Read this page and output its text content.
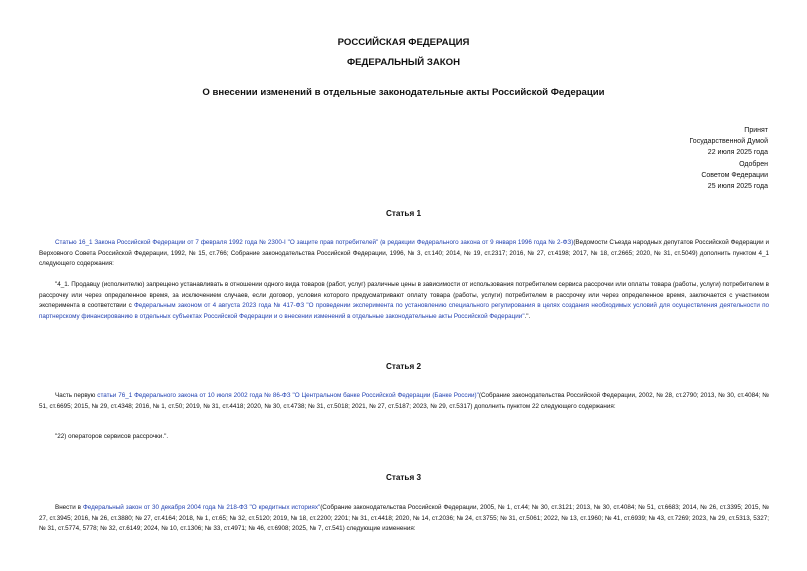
РОССИЙСКАЯ ФЕДЕРАЦИЯ
ФЕДЕРАЛЬНЫЙ ЗАКОН
О внесении изменений в отдельные законодательные акты Российской Федерации
Принят
Государственной Думой
22 июля 2025 года
Одобрен
Советом Федерации
25 июля 2025 года
Статья 1
Статью 16_1 Закона Российской Федерации от 7 февраля 1992 года № 2300-I "О защите прав потребителей" (в редакции Федерального закона от 9 января 1996 года № 2-ФЗ)(Ведомости Съезда народных депутатов Российской Федерации и Верховного Совета Российской Федерации, 1992, № 15, ст.766; Собрание законодательства Российской Федерации, 1996, № 3, ст.140; 2014, № 19, ст.2317; 2016, № 27, ст.4198; 2017, № 18, ст.2665; 2020, № 31, ст.5049) дополнить пунктом 4_1 следующего содержания:
"4_1. Продавцу (исполнителю) запрещено устанавливать в отношении одного вида товаров (работ, услуг) различные цены в зависимости от использования потребителем сервиса рассрочки или оплаты товара (работы, услуги) потребителем в рассрочку или через определенное время, за исключением случаев, если договор, условия которого предусматривают оплату товара (работы, услуги) потребителем в рассрочку или через определенное время, заключается с участником эксперимента в соответствии с Федеральным законом от 4 августа 2023 года № 417-ФЗ "О проведении эксперимента по установлению специального регулирования в целях создания необходимых условий для осуществления деятельности по партнерскому финансированию в отдельных субъектах Российской Федерации и о внесении изменений в отдельные законодательные акты Российской Федерации".".
Статья 2
Часть первую статьи 76_1 Федерального закона от 10 июля 2002 года № 86-ФЗ "О Центральном банке Российской Федерации (Банке России)"(Собрание законодательства Российской Федерации, 2002, № 28, ст.2790; 2013, № 30, ст.4084; № 51, ст.6695; 2015, № 29, ст.4348; 2016, № 1, ст.50; 2019, № 31, ст.4418; 2020, № 30, ст.4738; № 31, ст.5018; 2021, № 27, ст.5187; 2023, № 29, ст.5317) дополнить пунктом 22 следующего содержания:
"22) операторов сервисов рассрочки.".
Статья 3
Внести в Федеральный закон от 30 декабря 2004 года № 218-ФЗ "О кредитных историях"(Собрание законодательства Российской Федерации, 2005, № 1, ст.44; № 30, ст.3121; 2013, № 30, ст.4084; № 51, ст.6683; 2014, № 26, ст.3395; 2015, № 27, ст.3945; 2016, № 26, ст.3880; № 27, ст.4164; 2018, № 1, ст.65; № 32, ст.5120; 2019, № 18, ст.2200; 2201; № 31, ст.4418; 2020, № 14, ст.2036; № 24, ст.3755; № 31, ст.5061; 2022, № 13, ст.1960; № 41, ст.6939; № 43, ст.7269; 2023, № 29, ст.5313, 5327; № 31, ст.5774, 5778; № 32, ст.6149; 2024, № 10, ст.1306; № 33, ст.4971; № 46, ст.6908; 2025, № 7, ст.541) следующие изменения:
